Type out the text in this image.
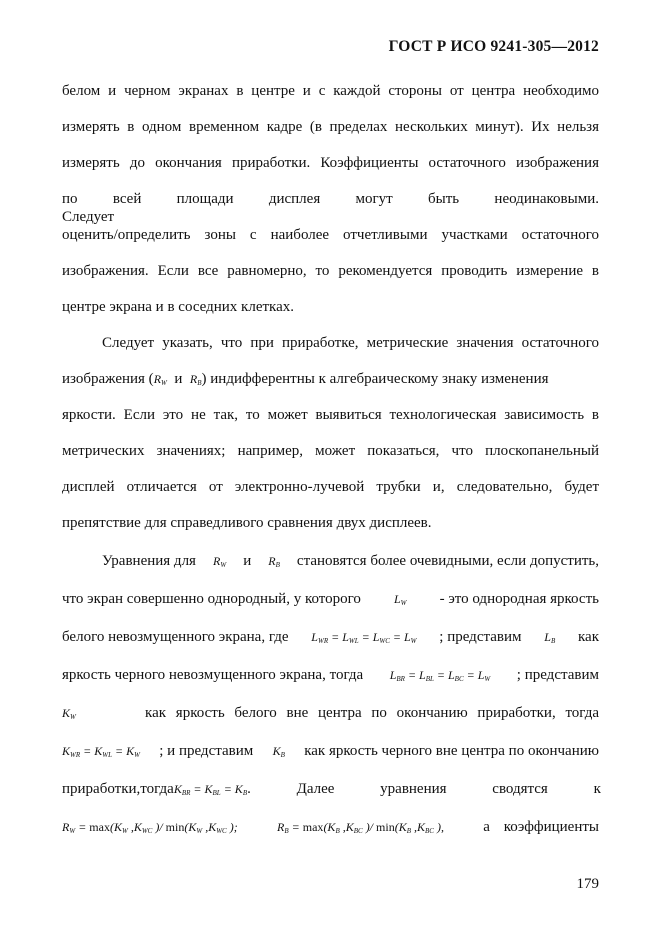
ГОСТ Р ИСО 9241-305—2012
белом и черном экранах в центре и с каждой стороны от центра необходимо
измерять в одном временном кадре (в пределах нескольких минут). Их нельзя
измерять до окончания приработки. Коэффициенты остаточного изображения
по всей площади дисплея могут быть неодинаковыми. Следует
оценить/определить зоны с наиболее отчетливыми участками остаточного
изображения. Если все равномерно, то рекомендуется проводить измерение в
центре экрана и в соседних клетках.
Следует указать, что при приработке, метрические значения остаточного
изображения ($R_W$ и $R_B$) индифферентны к алгебраическому знаку изменения
яркости. Если это не так, то может выявиться технологическая зависимость в
метрических значениях; например, может показаться, что плоскопанельный
дисплей отличается от электронно-лучевой трубки и, следовательно, будет
препятствие для справедливого сравнения двух дисплеев.
Уравнения для $R_W$ и $R_B$ становятся более очевидными, если допустить,
что экран совершенно однородный, у которого	$L_W$ - это однородная яркость
белого невозмущенного экрана, где $L_{WR} = L_{WL} = L_{WC} = L_W$ ; представим $L_B$ как
яркость черного невозмущенного экрана, тогда $L_{BR} = L_{BL} = L_{BC} = L_W$ ; представим
$K_W$	как яркость белого вне центра по окончанию приработки, тогда
$K_{WR} = K_{WL} = K_W$ ; и представим $K_B$ как яркость черного вне центра по окончанию
приработки, тогда $K_{BR} = K_{BL} = K_B$ . Далее уравнения сводятся к
$R_W = \max(K_W$ $,K_{WC}$ )/ $\min(K_W$ $,K_{WC}$ );	$R_B = \max(K_B$ $,K_{BC}$ )/ $\min(K_B$ $,K_{BC}$ ),	а коэффициенты
179
